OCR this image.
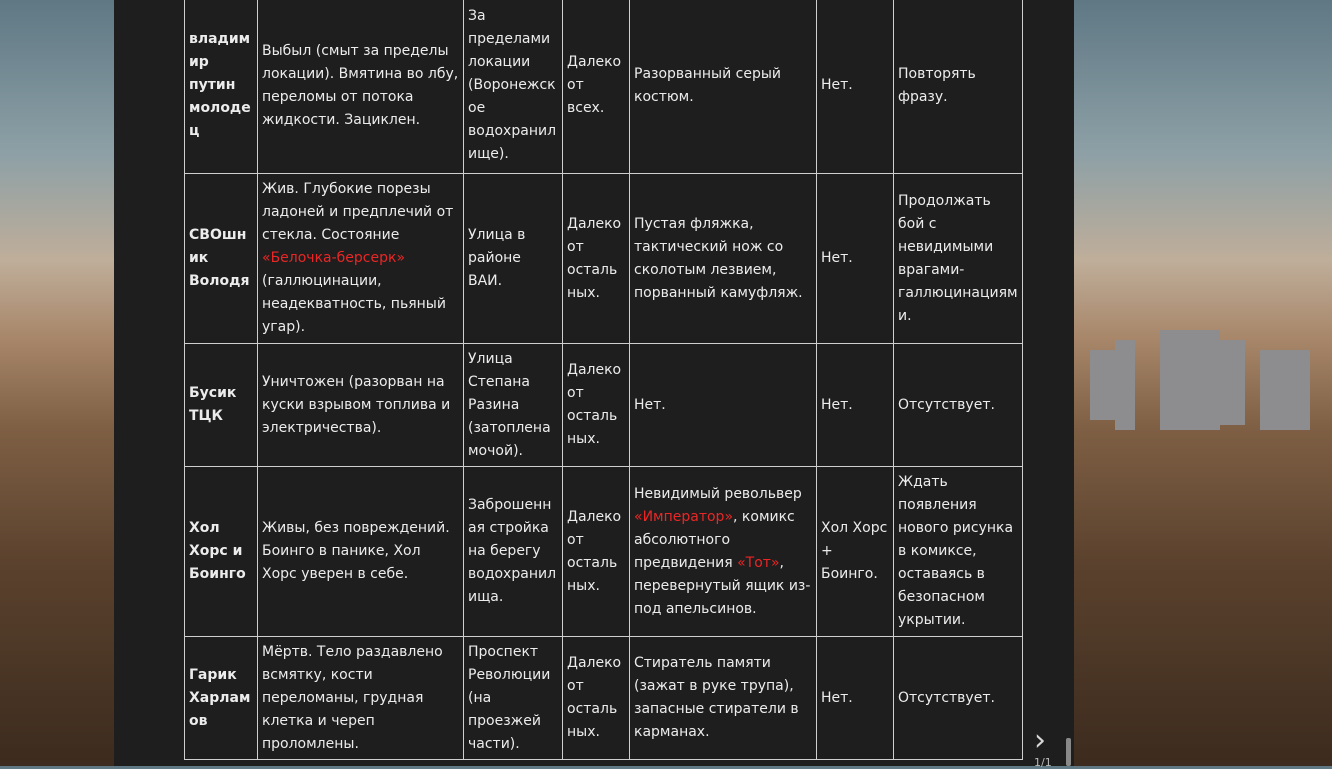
владимир путин молодец	Выбыл (смыт за пределы локации). Вмятина во лбу, переломы от потока жидкости. Зациклен.	За пределами локации (Воронежское водохранилище).	Далеко от всех.	Разорванный серый костюм.	Нет.	Повторять фразу.
СВОшник Володя	Жив. Глубокие порезы ладоней и предплечий от стекла. Состояние «Белочка-берсерк» (галлюцинации, неадекватность, пьяный угар).	Улица в районе ВАИ.	Далеко от остальных.	Пустая фляжка, тактический нож со сколотым лезвием, порванный камуфляж.	Нет.	Продолжать бой с невидимыми врагами-галлюцинациями.
Бусик ТЦК	Уничтожен (разорван на куски взрывом топлива и электричества).	Улица Степана Разина (затоплена мочой).	Далеко от остальных.	Нет.	Нет.	Отсутствует.
Хол Хорс и Боинго	Живы, без повреждений. Боинго в панике, Хол Хорс уверен в себе.	Заброшенная стройка на берегу водохранилища.	Далеко от остальных.	Невидимый револьвер «Император», комикс абсолютного предвидения «Тот», перевернутый ящик из-под апельсинов.	Хол Хорс + Боинго.	Ждать появления нового рисунка в комиксе, оставаясь в безопасном укрытии.
Гарик Харламов	Мёртв. Тело раздавлено всмятку, кости переломаны, грудная клетка и череп проломлены.	Проспект Революции (на проезжей части).	Далеко от остальных.	Стиратель памяти (зажат в руке трупа), запасные стиратели в карманах.	Нет.	Отсутствует.
›
1/1
